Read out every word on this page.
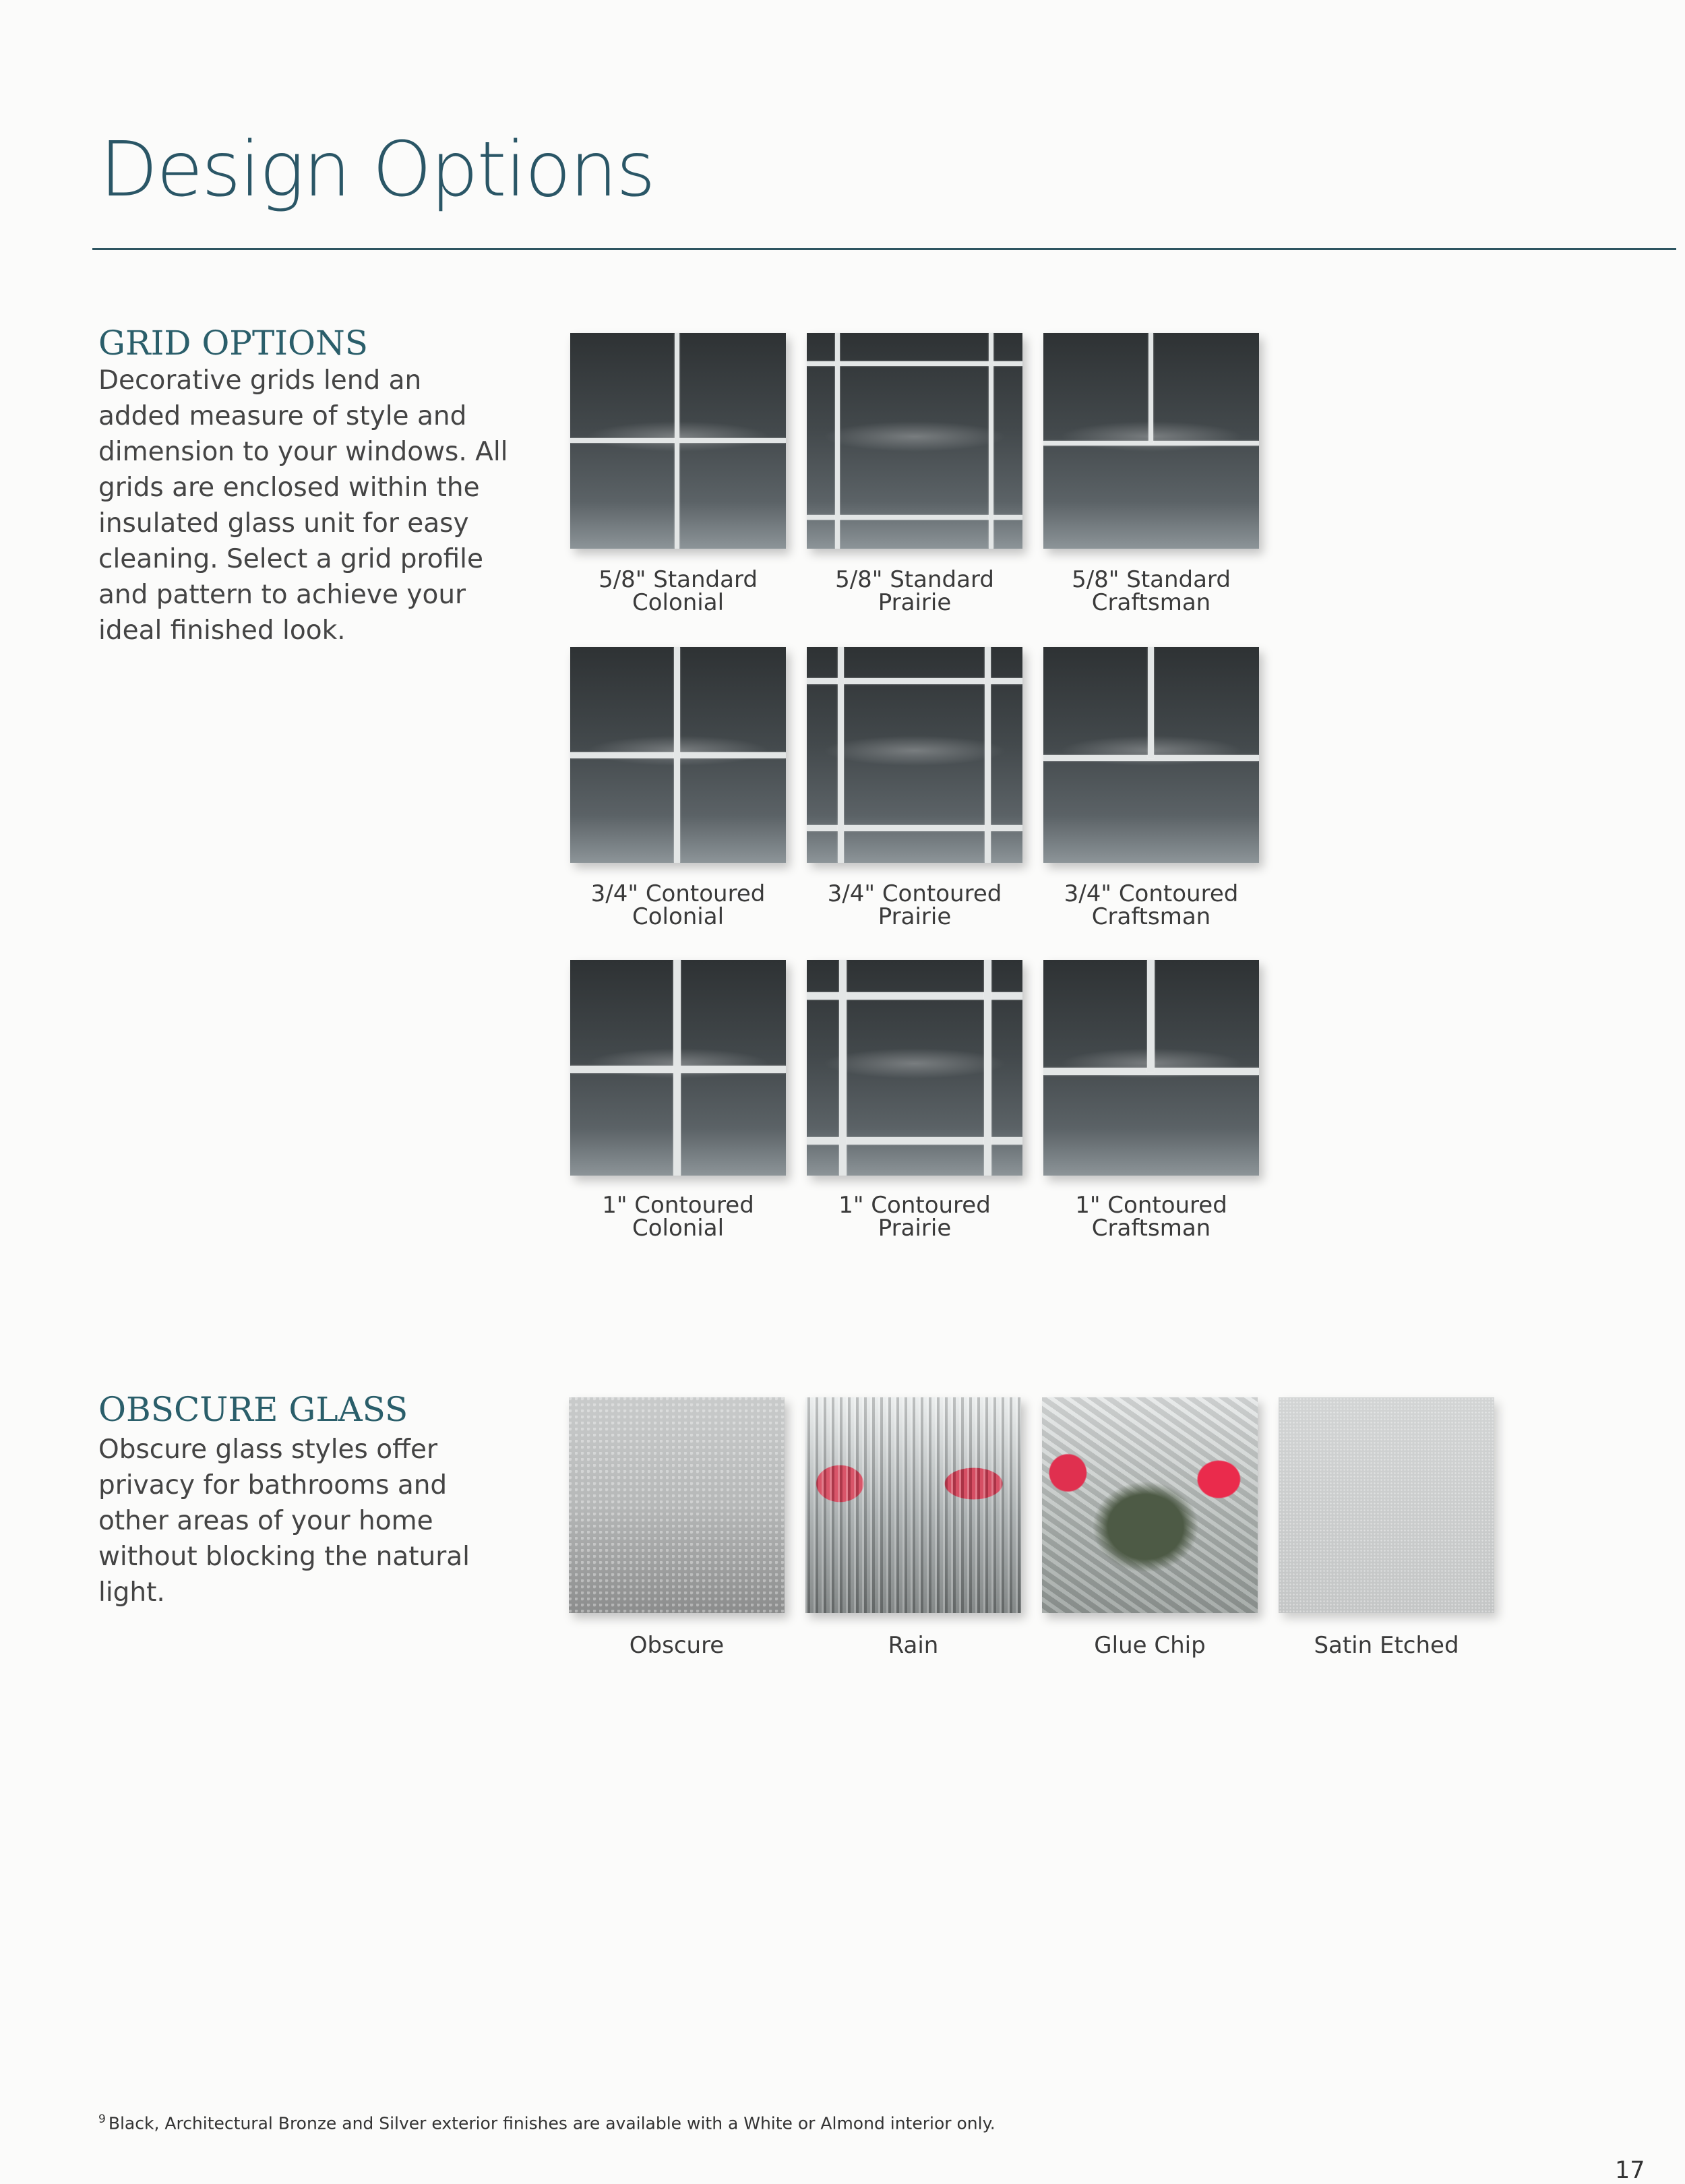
Design Options
GRID OPTIONS

Decorative grids lend an added measure of style and dimension to your windows. All grids are enclosed within the insulated glass unit for easy cleaning. Select a grid profile and pattern to achieve your ideal finished look.

5/8" Standard
Colonial
5/8" Standard
Prairie
5/8" Standard
Craftsman
3/4" Contoured
Colonial
3/4" Contoured
Prairie
3/4" Contoured
Craftsman
1" Contoured
Colonial
1" Contoured
Prairie
1" Contoured
Craftsman
OBSCURE GLASS

Obscure glass styles offer privacy for bathrooms and other areas of your home without blocking the natural light.

Obscure	Rain	Glue Chip	Satin Etched
$^9$ Black, Architectural Bronze and Silver exterior finishes are available with a White or Almond interior only.
17
